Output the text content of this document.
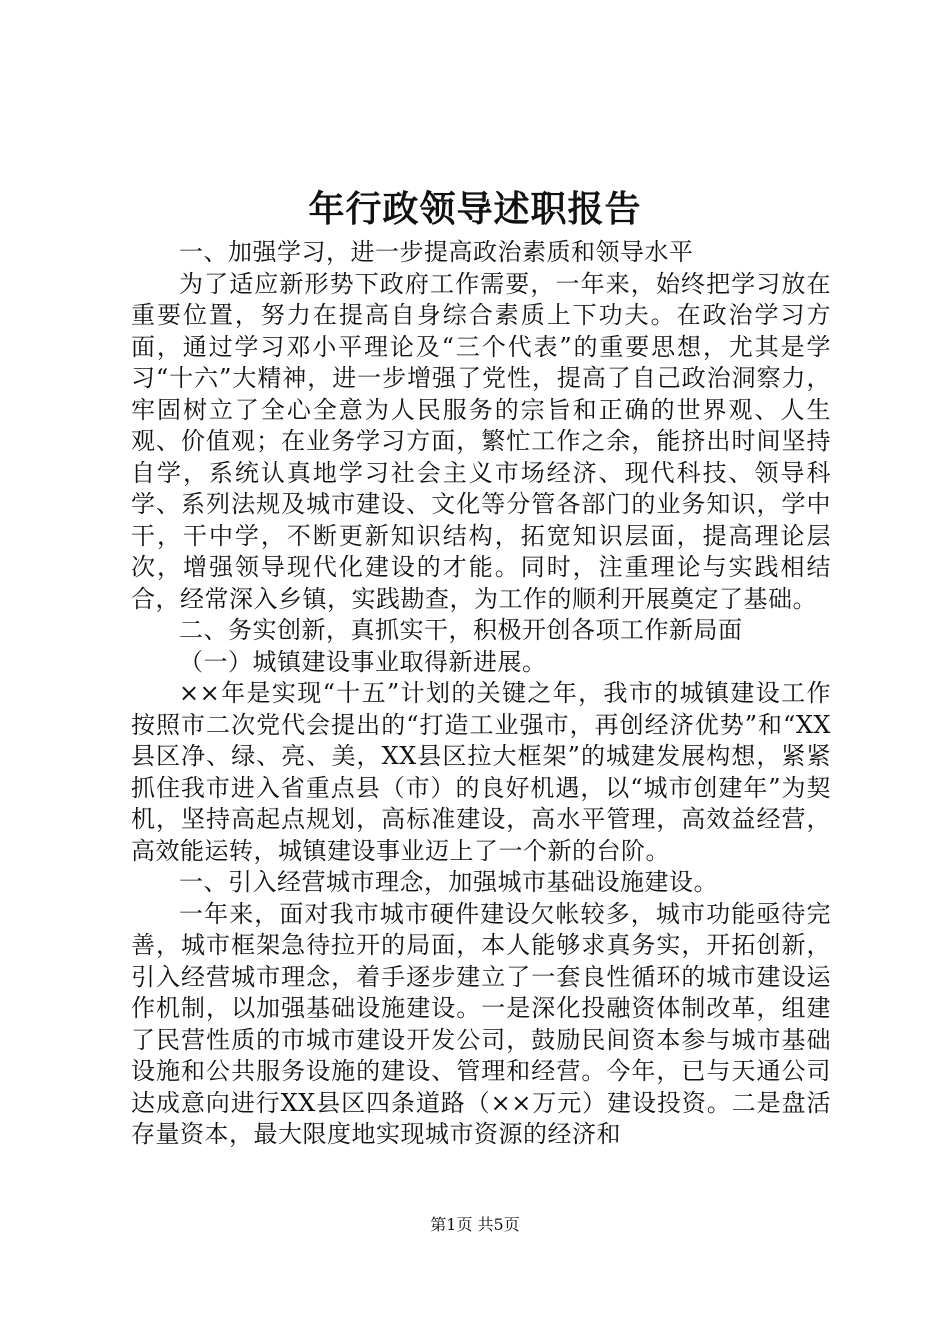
年行政领导述职报告

一、加强学习，进一步提高政治素质和领导水平

为了适应新形势下政府工作需要，一年来，始终把学习放在重要位置，努力在提高自身综合素质上下功夫。在政治学习方面，通过学习邓小平理论及“三个代表”的重要思想，尤其是学习“十六”大精神，进一步增强了党性，提高了自己政治洞察力，牢固树立了全心全意为人民服务的宗旨和正确的世界观、人生观、价值观；在业务学习方面，繁忙工作之余，能挤出时间坚持自学，系统认真地学习社会主义市场经济、现代科技、领导科学、系列法规及城市建设、文化等分管各部门的业务知识，学中干，干中学，不断更新知识结构，拓宽知识层面，提高理论层次，增强领导现代化建设的才能。同时，注重理论与实践相结合，经常深入乡镇，实践勘查，为工作的顺利开展奠定了基础。

二、务实创新，真抓实干，积极开创各项工作新局面

（一）城镇建设事业取得新进展。

××年是实现“十五”计划的关键之年，我市的城镇建设工作按照市二次党代会提出的“打造工业强市，再创经济优势”和“XX县区净、绿、亮、美，XX县区拉大框架”的城建发展构想，紧紧抓住我市进入省重点县（市）的良好机遇，以“城市创建年”为契机，坚持高起点规划，高标准建设，高水平管理，高效益经营，高效能运转，城镇建设事业迈上了一个新的台阶。

一、引入经营城市理念，加强城市基础设施建设。

一年来，面对我市城市硬件建设欠帐较多，城市功能亟待完善，城市框架急待拉开的局面，本人能够求真务实，开拓创新，引入经营城市理念，着手逐步建立了一套良性循环的城市建设运作机制，以加强基础设施建设。一是深化投融资体制改革，组建了民营性质的市城市建设开发公司，鼓励民间资本参与城市基础设施和公共服务设施的建设、管理和经营。今年，已与天通公司达成意向进行XX县区四条道路（××万元）建设投资。二是盘活存量资本，最大限度地实现城市资源的经济和

第1页 共5页
